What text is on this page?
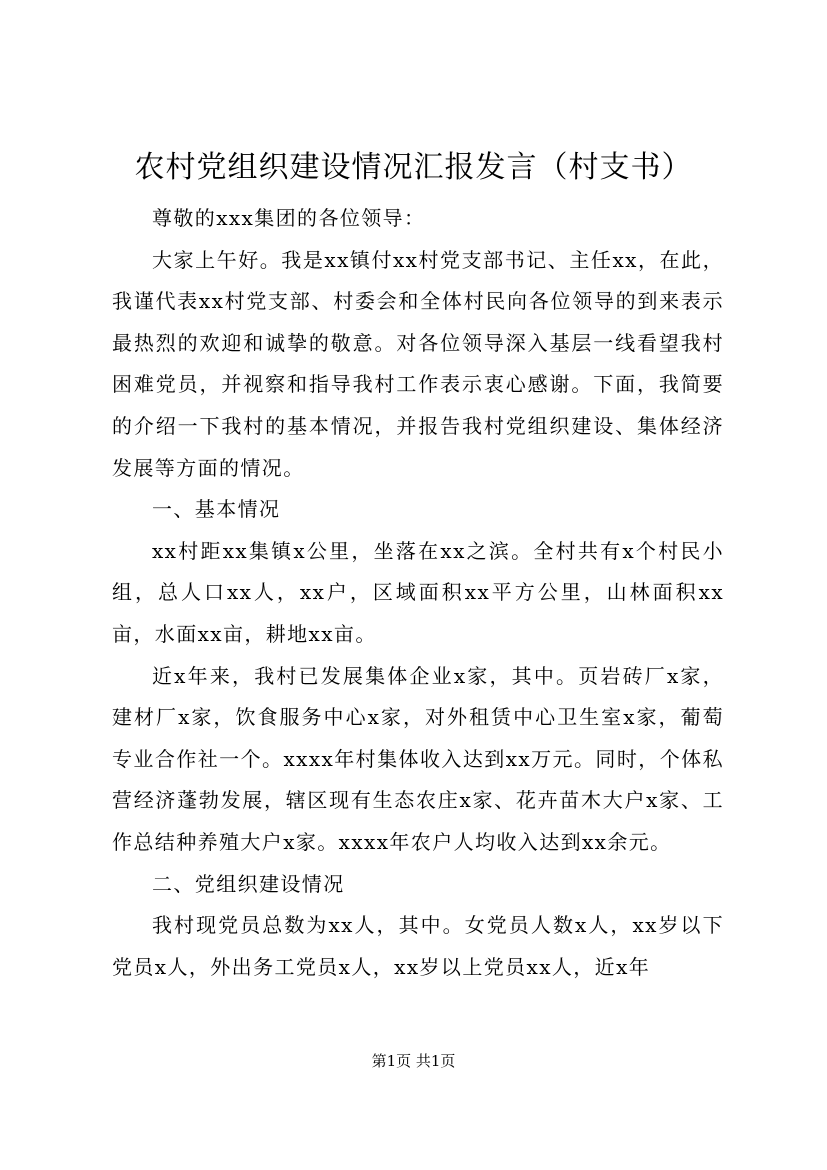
农村党组织建设情况汇报发言（村支书）

尊敬的xxx集团的各位领导：

大家上午好。我是xx镇付xx村党支部书记、主任xx，在此，我谨代表xx村党支部、村委会和全体村民向各位领导的到来表示最热烈的欢迎和诚挚的敬意。对各位领导深入基层一线看望我村困难党员，并视察和指导我村工作表示衷心感谢。下面，我简要的介绍一下我村的基本情况，并报告我村党组织建设、集体经济发展等方面的情况。

一、基本情况

xx村距xx集镇x公里，坐落在xx之滨。全村共有x个村民小组，总人口xx人，xx户，区域面积xx平方公里，山林面积xx亩，水面xx亩，耕地xx亩。

近x年来，我村已发展集体企业x家，其中。页岩砖厂x家，建材厂x家，饮食服务中心x家，对外租赁中心卫生室x家，葡萄专业合作社一个。xxxx年村集体收入达到xx万元。同时，个体私营经济蓬勃发展，辖区现有生态农庄x家、花卉苗木大户x家、工作总结种养殖大户x家。xxxx年农户人均收入达到xx余元。

二、党组织建设情况

我村现党员总数为xx人，其中。女党员人数x人，xx岁以下党员x人，外出务工党员x人，xx岁以上党员xx人，近x年

第1页 共1页
